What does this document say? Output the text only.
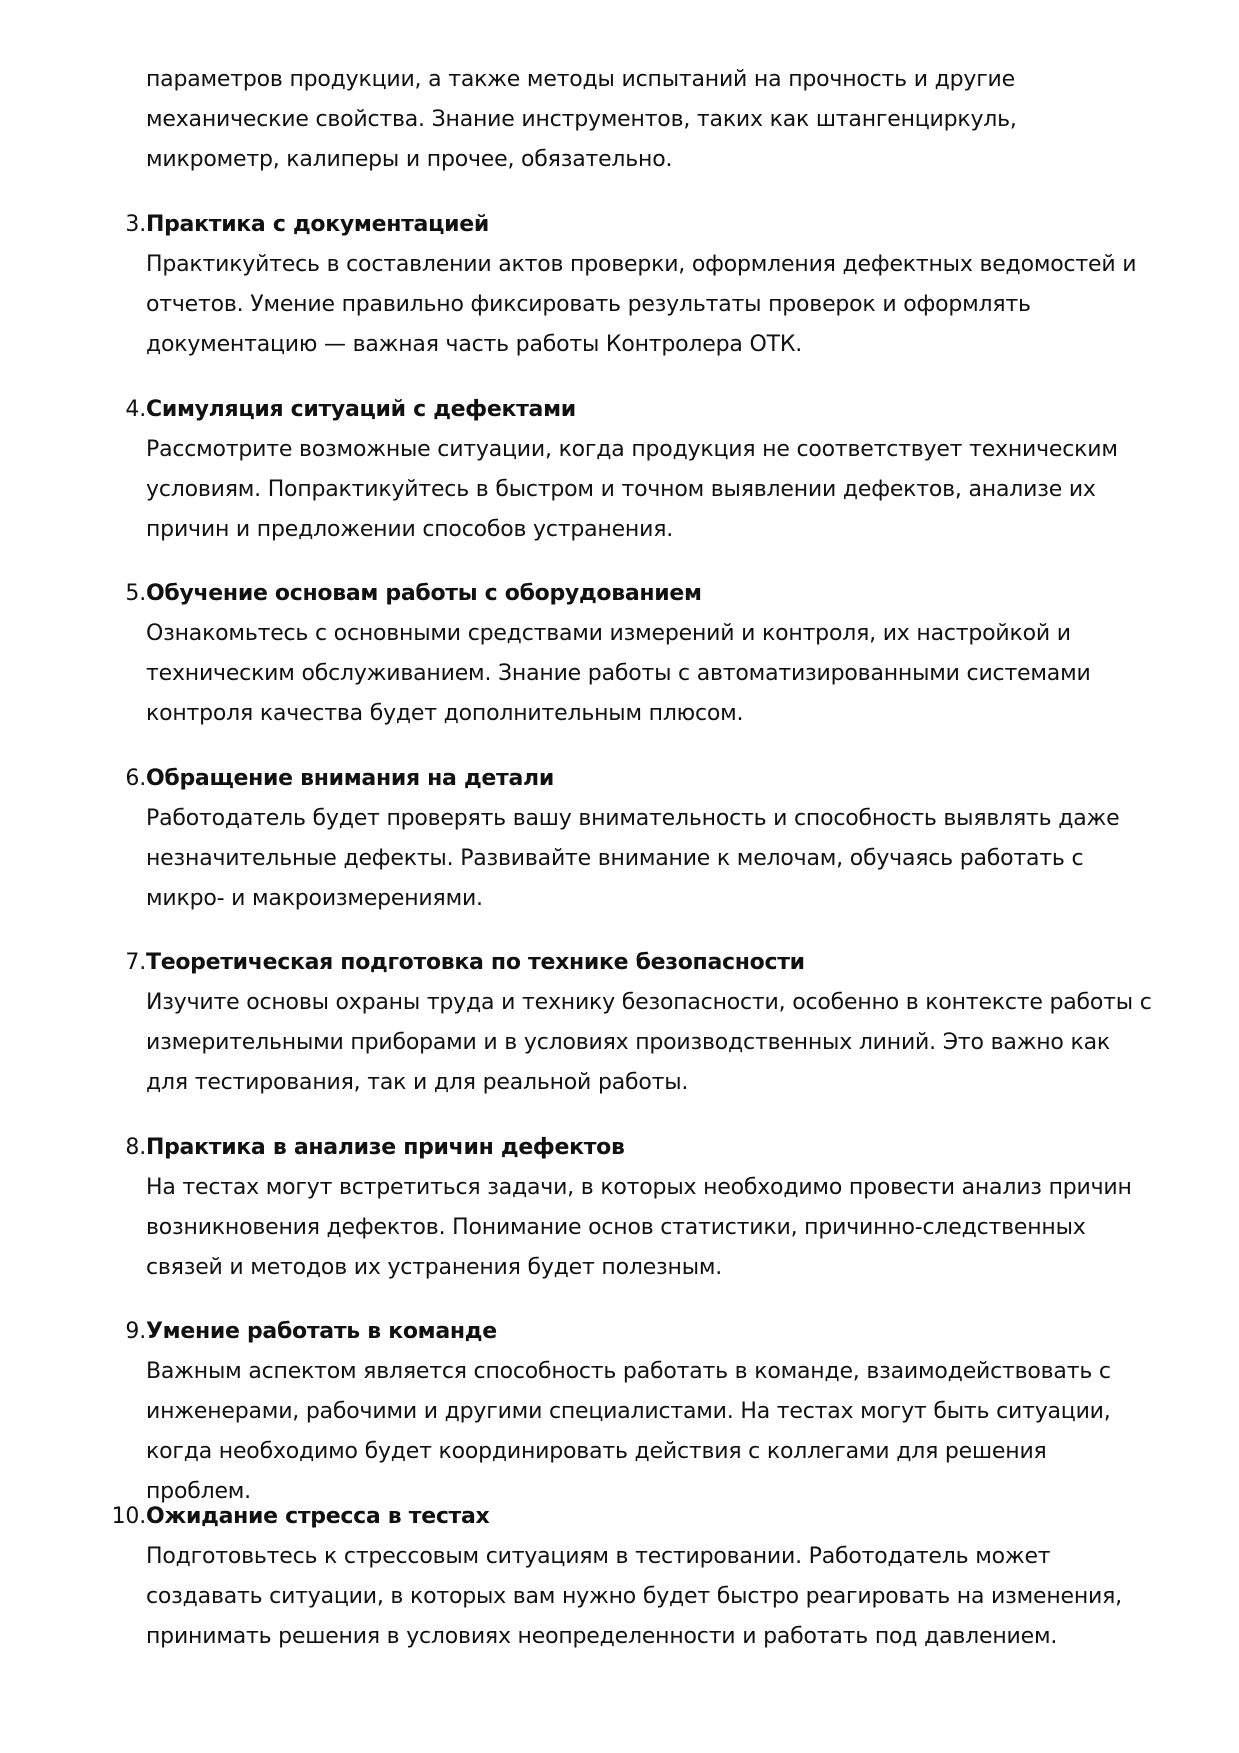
параметров продукции, а также методы испытаний на прочность и другие механические свойства. Знание инструментов, таких как штангенциркуль, микрометр, калиперы и прочее, обязательно.

3. Практика с документацией

Практикуйтесь в составлении актов проверки, оформления дефектных ведомостей и отчетов. Умение правильно фиксировать результаты проверок и оформлять документацию — важная часть работы Контролера ОТК.

4. Симуляция ситуаций с дефектами

Рассмотрите возможные ситуации, когда продукция не соответствует техническим условиям. Попрактикуйтесь в быстром и точном выявлении дефектов, анализе их причин и предложении способов устранения.

5. Обучение основам работы с оборудованием

Ознакомьтесь с основными средствами измерений и контроля, их настройкой и техническим обслуживанием. Знание работы с автоматизированными системами контроля качества будет дополнительным плюсом.

6. Обращение внимания на детали

Работодатель будет проверять вашу внимательность и способность выявлять даже незначительные дефекты. Развивайте внимание к мелочам, обучаясь работать с микро- и макроизмерениями.

7. Теоретическая подготовка по технике безопасности

Изучите основы охраны труда и технику безопасности, особенно в контексте работы с измерительными приборами и в условиях производственных линий. Это важно как для тестирования, так и для реальной работы.

8. Практика в анализе причин дефектов

На тестах могут встретиться задачи, в которых необходимо провести анализ причин возникновения дефектов. Понимание основ статистики, причинно-следственных связей и методов их устранения будет полезным.

9. Умение работать в команде

Важным аспектом является способность работать в команде, взаимодействовать с инженерами, рабочими и другими специалистами. На тестах могут быть ситуации, когда необходимо будет координировать действия с коллегами для решения проблем.

10. Ожидание стресса в тестах

Подготовьтесь к стрессовым ситуациям в тестировании. Работодатель может создавать ситуации, в которых вам нужно будет быстро реагировать на изменения, принимать решения в условиях неопределенности и работать под давлением.
